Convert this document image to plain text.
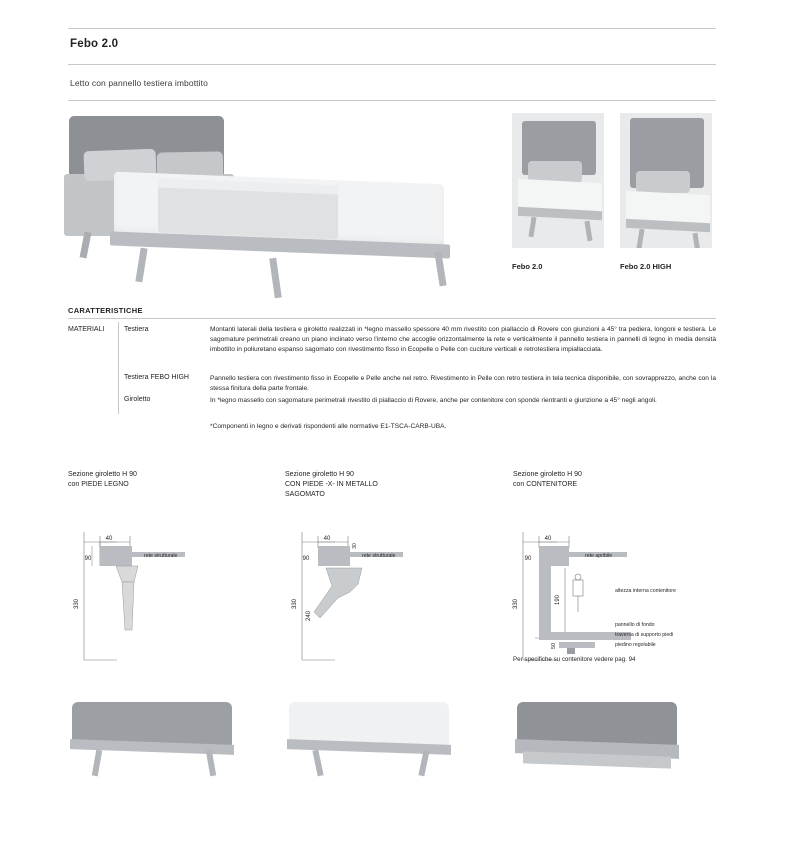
Febo 2.0
Letto con pannello testiera imbottito
Febo 2.0	Febo 2.0 HIGH
CARATTERISTICHE
MATERIALI	Testiera	Montanti laterali della testiera e giroletto realizzati in *legno massello spessore 40 mm rivestito con piallaccio di Rovere con giunzioni a 45° tra pediera, longoni e testiera. Le sagomature perimetrali creano un piano inclinato verso l'interno che accoglie orizzontalmente la rete e verticalmente il pannello testiera in pannelli di legno in media densità imbottito in poliuretano espanso sagomato con rivestimento fisso in Ecopelle o Pelle con cuciture verticali e retrotestiera impiallacciata.
Testiera FEBO HIGH	Pannello testiera con rivestimento fisso in Ecopelle e Pelle anche nel retro. Rivestimento in Pelle con retro testiera in tela tecnica disponibile, con sovrapprezzo, anche con la stessa finitura della parte frontale.
Giroletto	In *legno massello con sagomature perimetrali rivestito di piallaccio di Rovere, anche per contenitore con sponde rientranti e giunzione a 45° negli angoli.
*Componenti in legno e derivati rispondenti alle normative E1-TSCA-CARB-UBA.
Sezione giroletto H 90
con PIEDE LEGNO
Sezione giroletto H 90
CON PIEDE -X- IN METALLO
SAGOMATO
Sezione giroletto H 90
con CONTENITORE
40
90
330
rete strutturale
40
90
330
240
30
rete strutturale
40
90
330	190
50
rete apribile
altezza interna contenitore
pannello di fondo
traversa di supporto piedi
piedino regolabile
Per specifiche su contenitore vedere pag. 94
